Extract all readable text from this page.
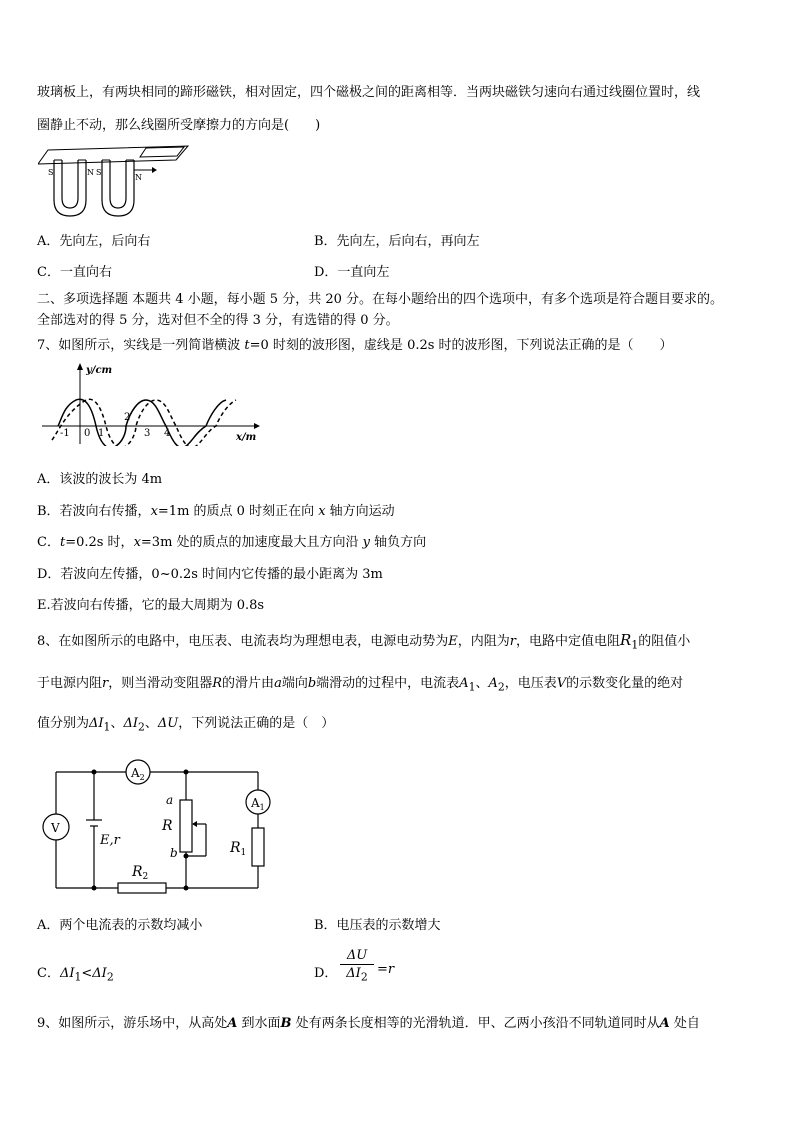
玻璃板上，有两块相同的蹄形磁铁，相对固定，四个磁极之间的距离相等．当两块磁铁匀速向右通过线圈位置时，线
圈静止不动，那么线圈所受摩擦力的方向是(　　)
S	N S
N
A．先向左，后向右	B．先向左，后向右，再向左
C．一直向右	D．一直向左
二、多项选择题 本题共 4 小题，每小题 5 分，共 20 分。在每小题给出的四个选项中，有多个选项是符合题目要求的。
全部选对的得 5 分，选对但不全的得 3 分，有选错的得 0 分。
7、如图所示，实线是一列简谐横波 t=0 时刻的波形图，虚线是 0.2s 时的波形图，下列说法正确的是（　　）
y/cm
x/m
-1 0 1
2
3 4
A．该波的波长为 4m
B．若波向右传播，x=1m 的质点 0 时刻正在向 x 轴方向运动
C．t=0.2s 时，x=3m 处的质点的加速度最大且方向沿 y 轴负方向
D．若波向左传播，0~0.2s 时间内它传播的最小距离为 3m
E.若波向右传播，它的最大周期为 0.8s
8、在如图所示的电路中，电压表、电流表均为理想电表，电源电动势为E，内阻为r，电路中定值电阻$R_1$的阻值小
于电源内阻r，则当滑动变阻器R的滑片由a端向b端滑动的过程中，电流表$A_1$、$A_2$，电压表V的示数变化量的绝对
值分别为$\Delta I_1$、$\Delta I_2$、ΔU，下列说法正确的是（　）
$A_2$
$A_1$
V
E,r
a
R
b	$R_1$
$R_2$
A．两个电流表的示数均减小	B．电压表的示数增大
C．$\Delta I_1<\Delta I_2$	D．
ΔU
$\Delta I_2$
=r
9、如图所示，游乐场中，从高处A 到水面B 处有两条长度相等的光滑轨道．甲、乙两小孩沿不同轨道同时从A 处自
